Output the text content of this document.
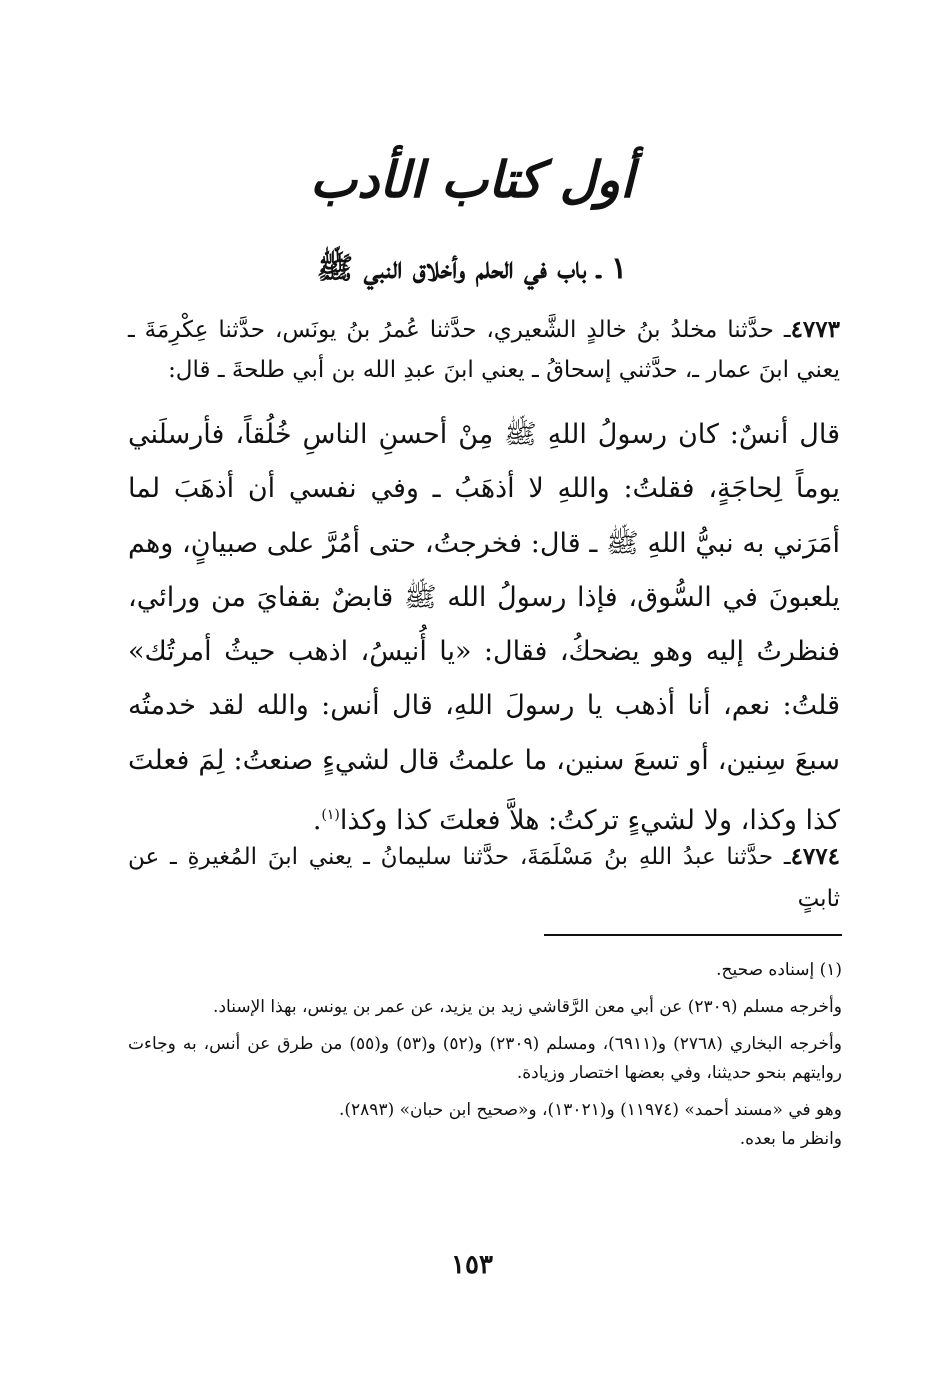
أول كتاب الأدب
١ ـ باب في الحلم وأخلاق النبي ﷺ
٤٧٧٣ـ حدَّثنا مخلدُ بنُ خالدٍ الشَّعيري، حدَّثنا عُمرُ بنُ يونَس، حدَّثنا عِكْرِمَةَ ـ يعني ابنَ عمار ـ، حدَّثني إسحاقُ ـ يعني ابنَ عبدِ الله بن أبي طلحةَ ـ قال:
قال أنسٌ: كان رسولُ اللهِ ﷺ مِنْ أحسنِ الناسِ خُلُقاً، فأرسلَني يوماً لِحاجَةٍ، فقلتُ: واللهِ لا أذهَبُ ـ وفي نفسي أن أذهَبَ لما أمَرَني به نبيُّ اللهِ ﷺ ـ قال: فخرجتُ، حتى أمُرَّ على صبيانٍ، وهم يلعبونَ في السُّوق، فإذا رسولُ الله ﷺ قابضٌ بقفايَ من ورائي، فنظرتُ إليه وهو يضحكُ، فقال: «يا أُنيسُ، اذهب حيثُ أمرتُك» قلتُ: نعم، أنا أذهب يا رسولَ اللهِ، قال أنس: والله لقد خدمتُه سبعَ سِنين، أو تسعَ سنين، ما علمتُ قال لشيءٍ صنعتُ: لِمَ فعلتَ كذا وكذا، ولا لشيءٍ تركتُ: هلاَّ فعلتَ كذا وكذا$^{(١)}$.
٤٧٧٤ـ حدَّثنا عبدُ اللهِ بنُ مَسْلَمَةَ، حدَّثنا سليمانُ ـ يعني ابنَ المُغيرةِ ـ عن ثابتٍ

(١) إسناده صحيح.

وأخرجه مسلم (٢٣٠٩) عن أبي معن الرَّقاشي زيد بن يزيد، عن عمر بن يونس، بهذا الإسناد.

وأخرجه البخاري (٢٧٦٨) و(٦٩١١)، ومسلم (٢٣٠٩) و(٥٢) و(٥٣) و(٥٥) من طرق عن أنس، به وجاءت روايتهم بنحو حديثنا، وفي بعضها اختصار وزيادة.

وهو في «مسند أحمد» (١١٩٧٤) و(١٣٠٢١)، و«صحيح ابن حبان» (٢٨٩٣).

وانظر ما بعده.

١٥٣
